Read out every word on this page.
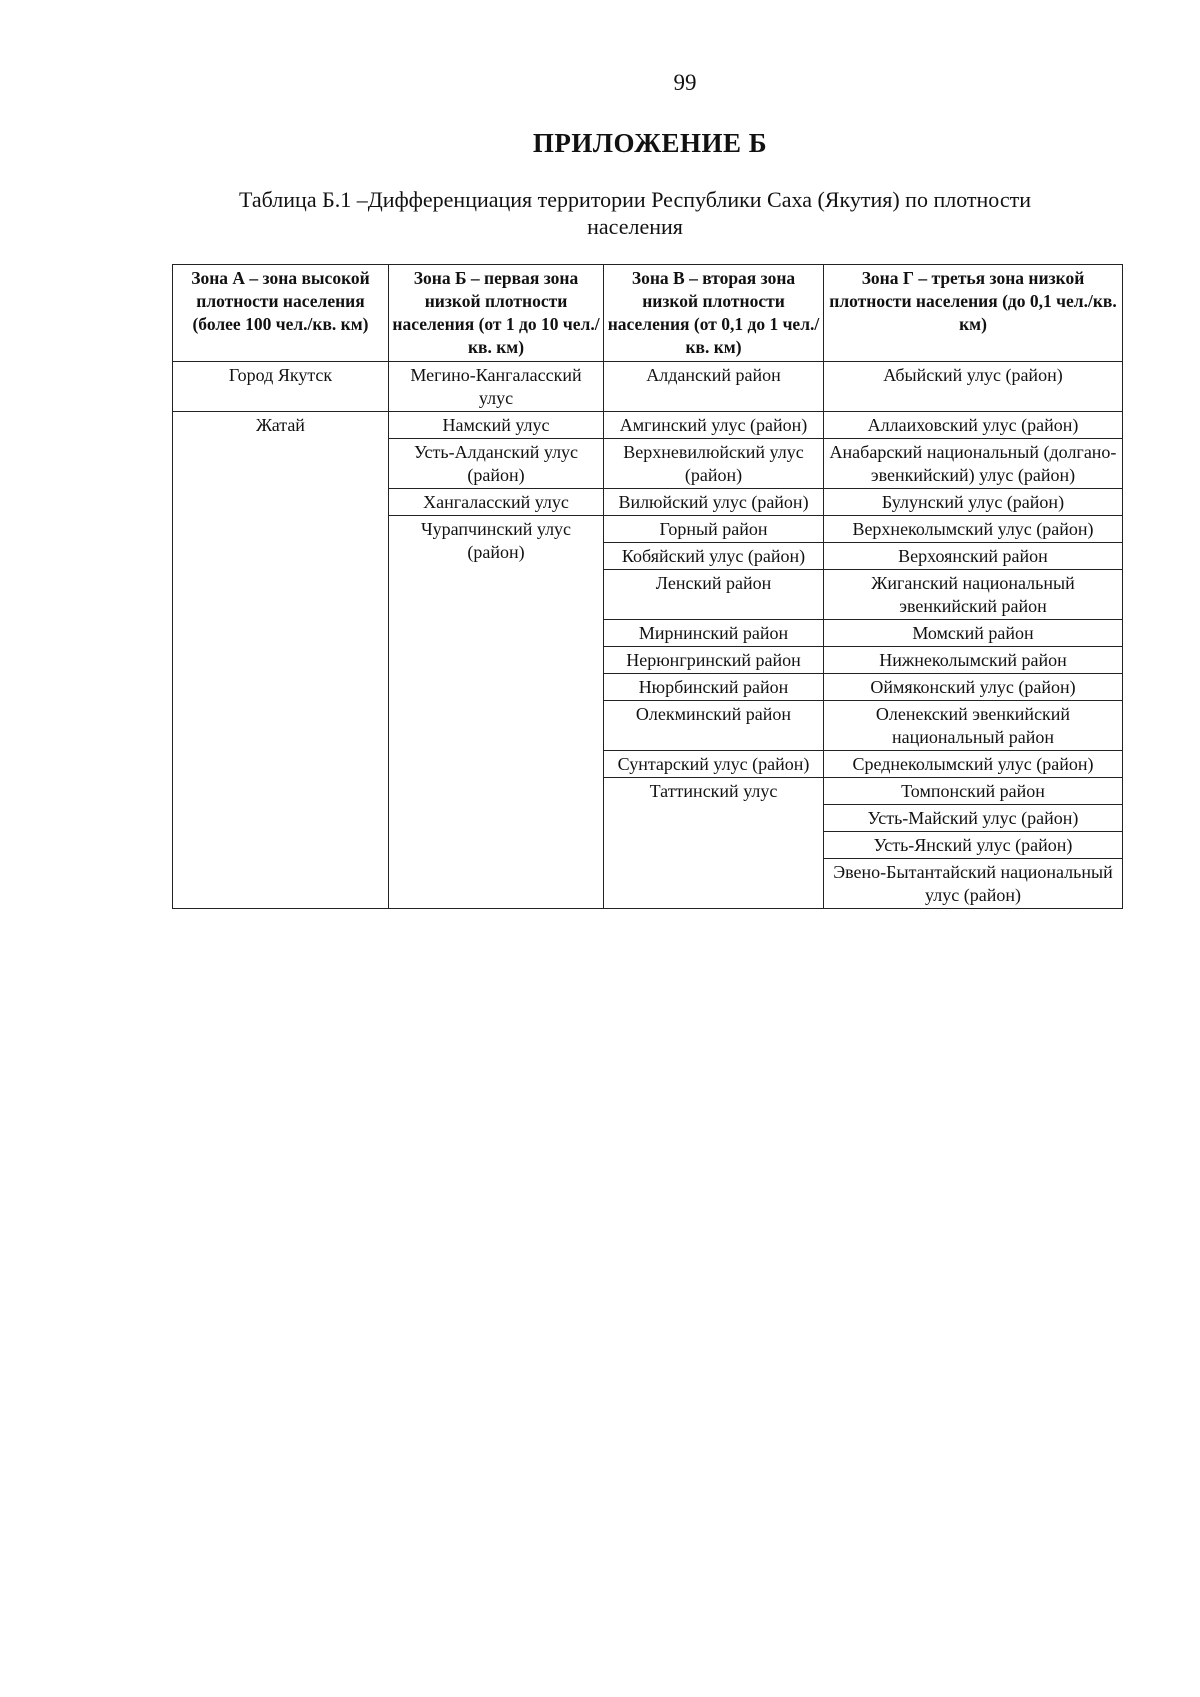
99
ПРИЛОЖЕНИЕ Б
Таблица Б.1 –Дифференциация территории Республики Саха (Якутия) по плотности населения
Зона А – зона высокой плотности населения (более 100 чел./кв. км)	Зона Б – первая зона низкой плотности населения (от 1 до 10 чел./кв. км)	Зона В – вторая зона низкой плотности населения (от 0,1 до 1 чел./кв. км)	Зона Г – третья зона низкой плотности населения (до 0,1 чел./кв. км)
Город Якутск	Мегино-Кангаласский улус	Алданский район	Абыйский улус (район)
Жатай	Намский улус	Амгинский улус (район)	Аллаиховский улус (район)
	Усть-Алданский улус (район)	Верхневилюйский улус (район)	Анабарский национальный (долгано-эвенкийский) улус (район)
	Хангаласский улус	Вилюйский улус (район)	Булунский улус (район)
	Чурапчинский улус (район)	Горный район	Верхнеколымский улус (район)
		Кобяйский улус (район)	Верхоянский район
		Ленский район	Жиганский национальный эвенкийский район
		Мирнинский район	Момский район
		Нерюнгринский район	Нижнеколымский район
		Нюрбинский район	Оймяконский улус (район)
		Олекминский район	Оленекский эвенкийский национальный район
		Сунтарский улус (район)	Среднеколымский улус (район)
		Таттинский улус	Томпонский район
			Усть-Майский улус (район)
			Усть-Янский улус (район)
			Эвено-Бытантайский национальный улус (район)
